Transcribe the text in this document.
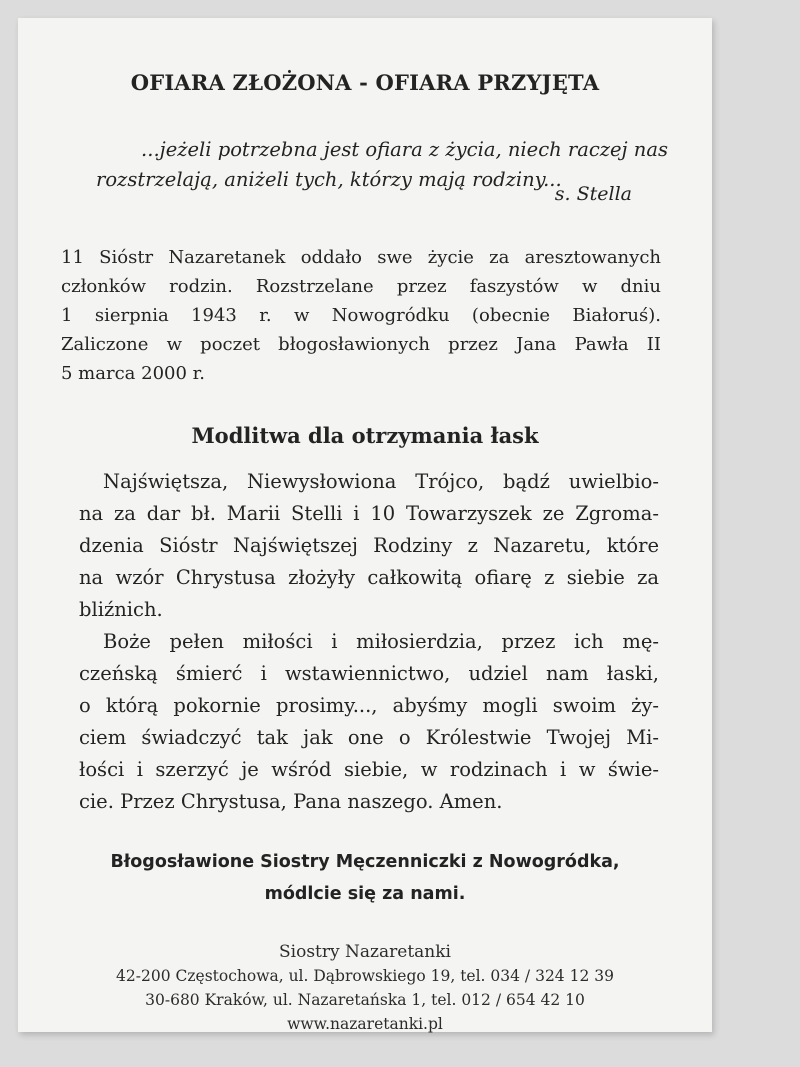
OFIARA ZŁOŻONA - OFIARA PRZYJĘTA
...jeżeli potrzebna jest ofiara z życia, niech raczej nas
rozstrzelają, aniżeli tych, którzy mają rodziny...
s. Stella
11 Sióstr Nazaretanek oddało swe życie za aresztowanych
członków rodzin. Rozstrzelane przez faszystów w dniu
1 sierpnia 1943 r. w Nowogródku (obecnie Białoruś).
Zaliczone w poczet błogosławionych przez Jana Pawła II
5 marca 2000 r.
Modlitwa dla otrzymania łask
Najświętsza, Niewysłowiona Trójco, bądź uwielbio-
na za dar bł. Marii Stelli i 10 Towarzyszek ze Zgroma-
dzenia Sióstr Najświętszej Rodziny z Nazaretu, które
na wzór Chrystusa złożyły całkowitą ofiarę z siebie za
bliźnich.
Boże pełen miłości i miłosierdzia, przez ich mę-
czeńską śmierć i wstawiennictwo, udziel nam łaski,
o którą pokornie prosimy..., abyśmy mogli swoim ży-
ciem świadczyć tak jak one o Królestwie Twojej Mi-
łości i szerzyć je wśród siebie, w rodzinach i w świe-
cie. Przez Chrystusa, Pana naszego. Amen.
Błogosławione Siostry Męczenniczki z Nowogródka,
módlcie się za nami.
Siostry Nazaretanki
42-200 Częstochowa, ul. Dąbrowskiego 19, tel. 034 / 324 12 39
30-680 Kraków, ul. Nazaretańska 1, tel. 012 / 654 42 10
www.nazaretanki.pl
